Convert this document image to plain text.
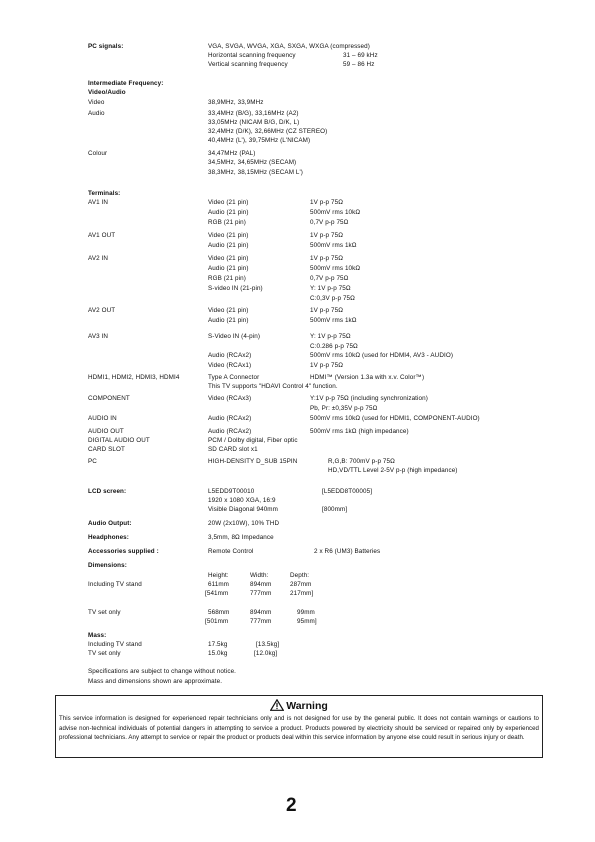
PC signals:	VGA, SVGA, WVGA, XGA, SXGA, WXGA (compressed)
Horizontal scanning frequency	31 – 69 kHz
Vertical scanning frequency	59 – 86 Hz
Intermediate Frequency:
Video/Audio
Video	38,9MHz, 33,9MHz
Audio	33,4MHz (B/G), 33,16MHz (A2)
33,05MHz (NICAM B/G, D/K, L)
32,4MHz (D/K), 32,66MHz (CZ STEREO)
40,4MHz (L'), 39,75MHz (L'NICAM)
Colour	34,47MHz (PAL)
34,5MHz, 34,65MHz (SECAM)
38,3MHz, 38,15MHz (SECAM L')
Terminals:
AV1 IN	Video (21 pin)	1V p-p 75Ω
Audio (21 pin)	500mV rms 10kΩ
RGB (21 pin)	0,7V p-p 75Ω
AV1 OUT	Video (21 pin)	1V p-p 75Ω
Audio (21 pin)	500mV rms 1kΩ
AV2 IN	Video (21 pin)	1V p-p 75Ω
Audio (21 pin)	500mV rms 10kΩ
RGB (21 pin)	0,7V p-p 75Ω
S-video IN (21-pin)	Y: 1V p-p 75Ω
C:0,3V p-p 75Ω
AV2 OUT	Video (21 pin)	1V p-p 75Ω
Audio (21 pin)	500mV rms 1kΩ
AV3 IN	S-Video IN (4-pin)	Y: 1V p-p 75Ω
C:0.286 p-p 75Ω
Audio (RCAx2)	500mV rms 10kΩ (used for HDMI4, AV3 - AUDIO)
Video (RCAx1)	1V p-p 75Ω
HDMI1, HDMI2, HDMI3, HDMI4	Type A Connector	HDMI™ (Version 1.3a with x.v. Color™)
This TV supports "HDAVI Control 4" function.
COMPONENT	Video (RCAx3)	Y:1V p-p 75Ω (including synchronization)
Pb, Pr: ±0,35V p-p 75Ω
AUDIO IN	Audio (RCAx2)	500mV rms 10kΩ (used for HDMI1, COMPONENT-AUDIO)
AUDIO OUT	Audio (RCAx2)	500mV rms 1kΩ (high impedance)
DIGITAL AUDIO OUT	PCM / Dolby digital, Fiber optic
CARD SLOT	SD CARD slot x1
PC	HIGH-DENSITY D_SUB 15PIN	R,G,B: 700mV p-p 75Ω
HD,VD/TTL Level 2-5V p-p (high impedance)
LCD screen:	L5EDD9T00010	[L5EDD8T00005]
1920 x 1080 XGA, 16:9
Visible Diagonal 940mm	[800mm]
Audio Output:	20W (2x10W), 10% THD
Headphones:	3,5mm, 8Ω Impedance
Accessories supplied :	Remote Control	2 x R6 (UM3) Batteries
Dimensions:
Height:	Width:	Depth:
Including TV stand	611mm	894mm	287mm
[541mm	777mm	217mm]
TV set only	568mm	894mm	99mm
[501mm	777mm	95mm]
Mass:
Including TV stand	17.5kg	[13.5kg]
TV set only	15.0kg	[12.0kg]
Specifications are subject to change without notice.
Mass and dimensions shown are approximate.
Warning
This service information is designed for experienced repair technicians only and is not designed for use by the general public. It does not contain warnings or cautions to advise non-technical individuals of potential dangers in attempting to service a product. Products powered by electricity should be serviced or repaired only by experienced professional technicians. Any attempt to service or repair the product or products deal within this service information by anyone else could result in serious injury or death.
2
